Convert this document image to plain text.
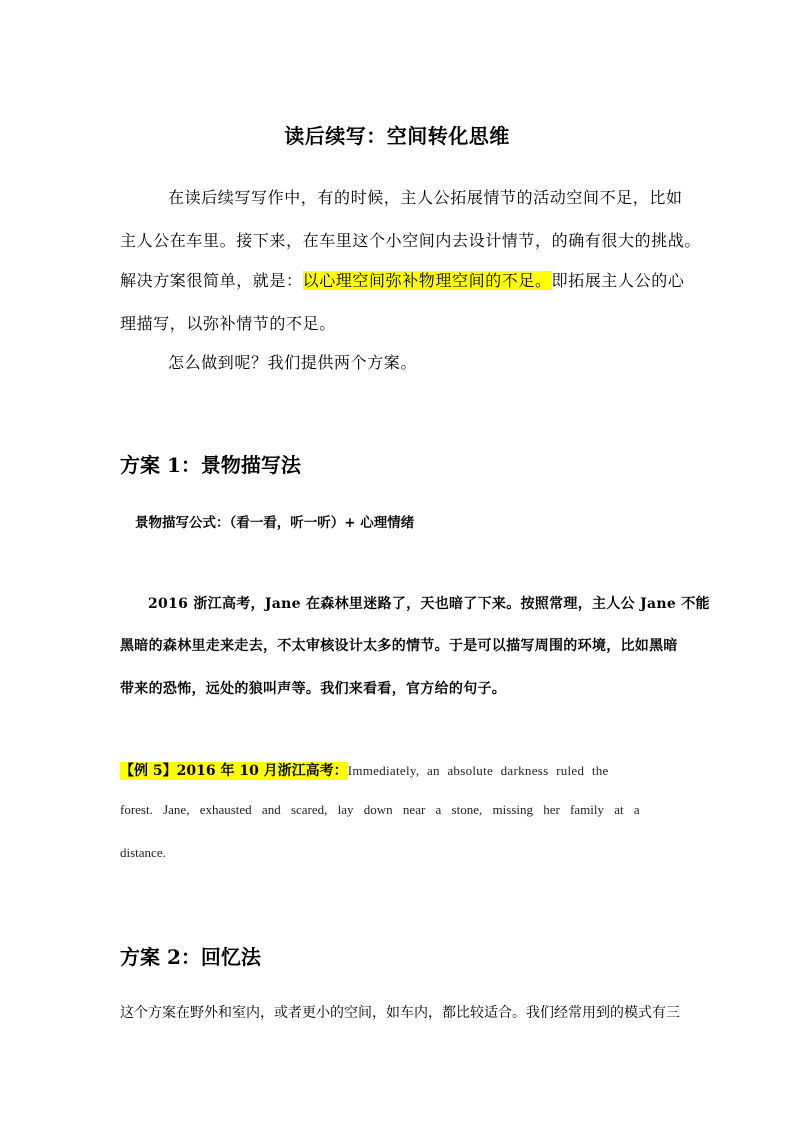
读后续写：空间转化思维
在读后续写写作中，有的时候，主人公拓展情节的活动空间不足，比如
主人公在车里。接下来，在车里这个小空间内去设计情节，的确有很大的挑战。
解决方案很简单，就是：以心理空间弥补物理空间的不足。即拓展主人公的心
理描写，以弥补情节的不足。
怎么做到呢？我们提供两个方案。
方案 1：景物描写法
景物描写公式：（看一看，听一听）+ 心理情绪
2016 浙江高考，Jane 在森林里迷路了，天也暗了下来。按照常理，主人公 Jane 不能
黑暗的森林里走来走去，不太审核设计太多的情节。于是可以描写周围的环境，比如黑暗
带来的恐怖，远处的狼叫声等。我们来看看，官方给的句子。
【例 5】2016 年 10 月浙江高考：Immediately, an absolute darkness ruled the
forest. Jane, exhausted and scared, lay down near a stone, missing her family at a
distance.
方案 2：回忆法
这个方案在野外和室内，或者更小的空间，如车内，都比较适合。我们经常用到的模式有三
